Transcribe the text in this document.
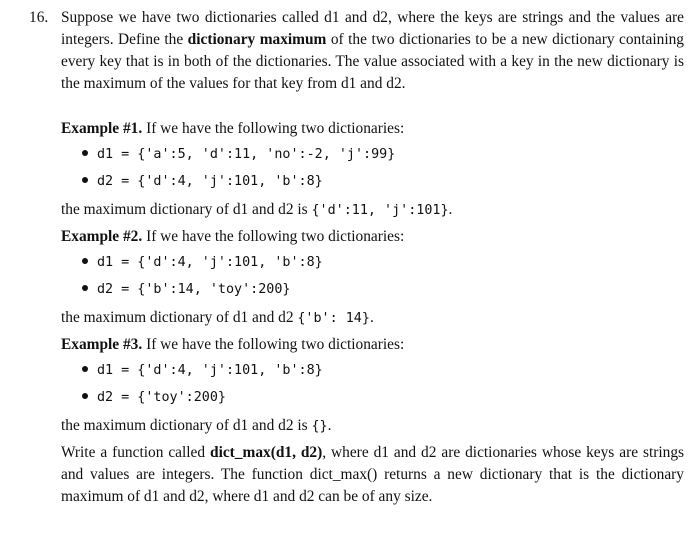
16. Suppose we have two dictionaries called d1 and d2, where the keys are strings and the values are integers. Define the dictionary maximum of the two dictionaries to be a new dictionary containing every key that is in both of the dictionaries. The value associated with a key in the new dictionary is the maximum of the values for that key from d1 and d2.
Example #1. If we have the following two dictionaries:
d1 = {'a':5, 'd':11, 'no':-2, 'j':99}
d2 = {'d':4, 'j':101, 'b':8}
the maximum dictionary of d1 and d2 is {'d':11, 'j':101}.
Example #2. If we have the following two dictionaries:
d1 = {'d':4, 'j':101, 'b':8}
d2 = {'b':14, 'toy':200}
the maximum dictionary of d1 and d2 {'b': 14}.
Example #3. If we have the following two dictionaries:
d1 = {'d':4, 'j':101, 'b':8}
d2 = {'toy':200}
the maximum dictionary of d1 and d2 is {}.
Write a function called dict_max(d1, d2), where d1 and d2 are dictionaries whose keys are strings and values are integers. The function dict_max() returns a new dictionary that is the dictionary maximum of d1 and d2, where d1 and d2 can be of any size.
